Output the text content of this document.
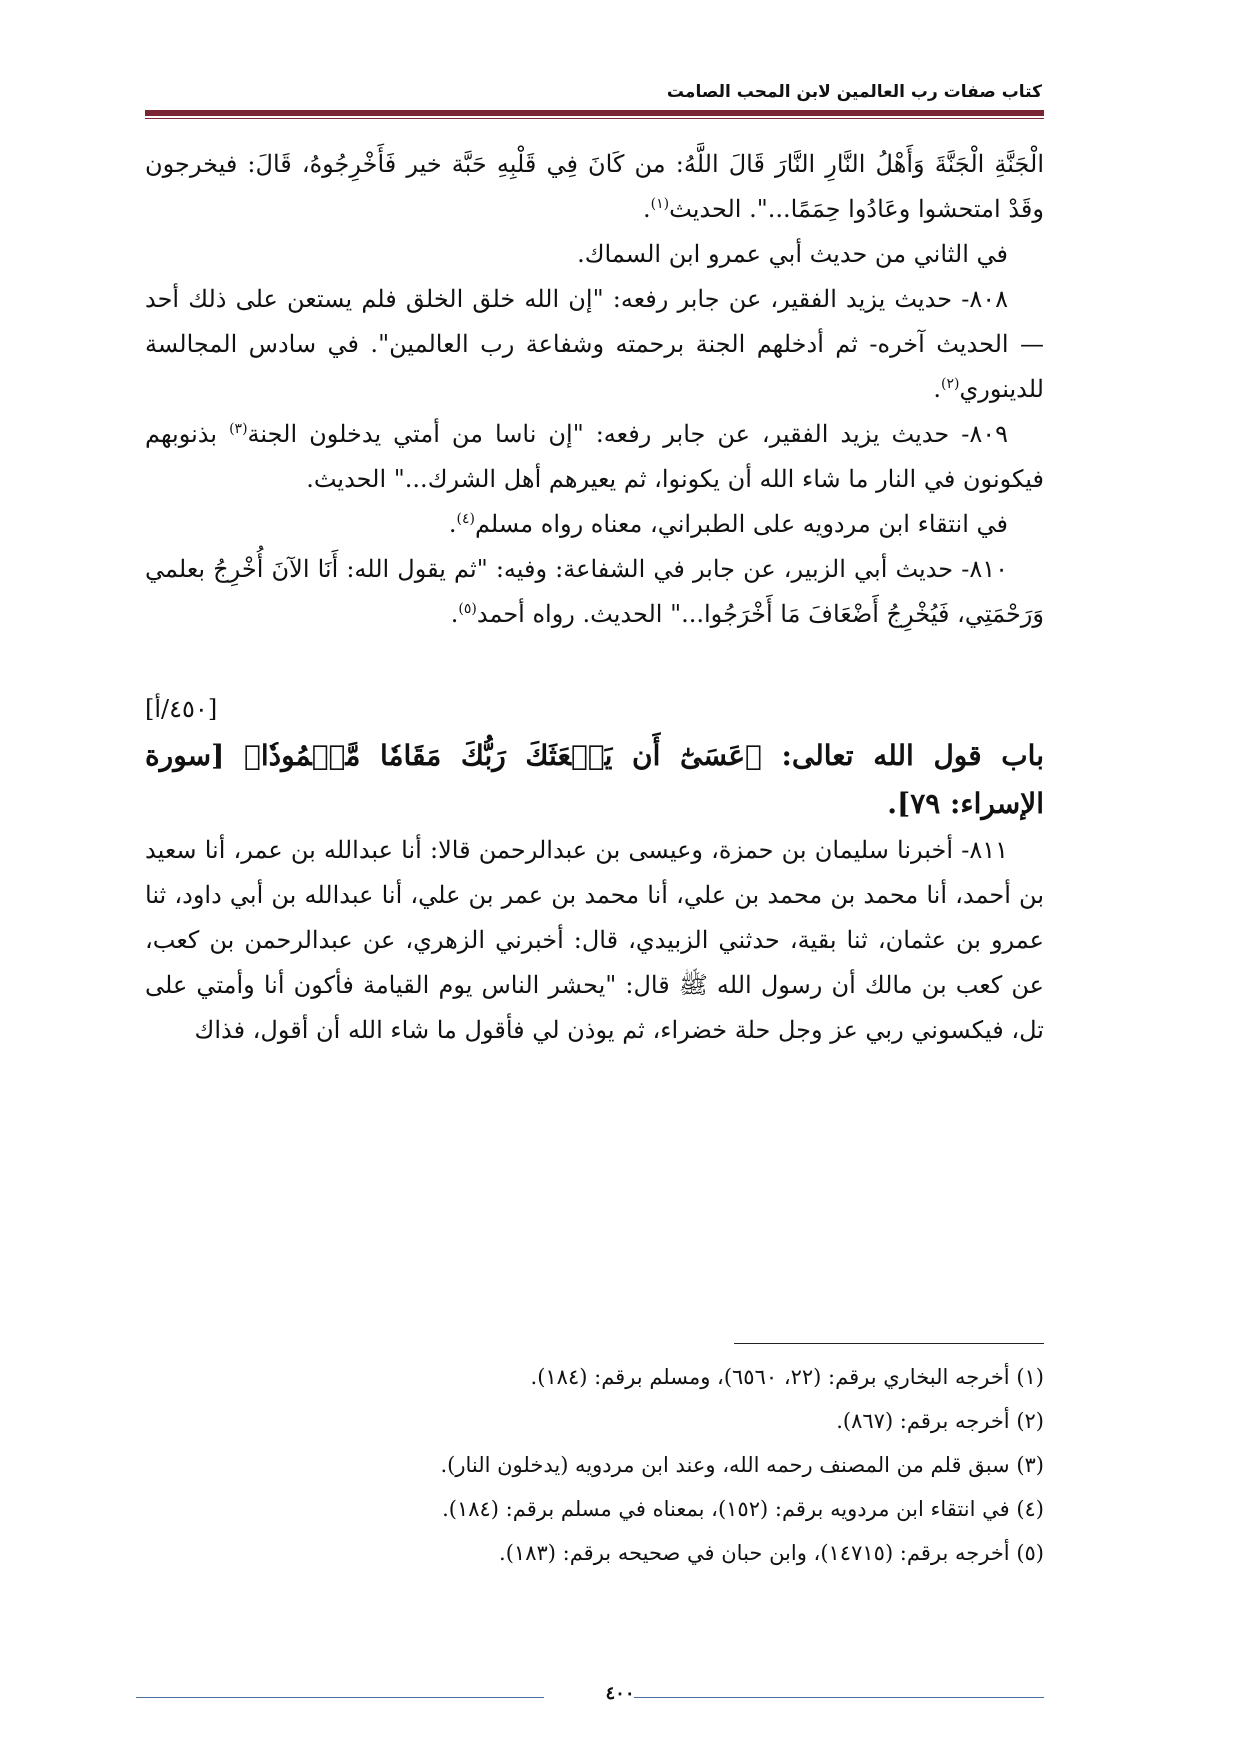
كتاب صفات رب العالمين لابن المحب الصامت

الْجَنَّةِ الْجَنَّةَ وَأَهْلُ النَّارِ النَّارَ قَالَ اللَّهُ: من كَانَ فِي قَلْبِهِ حَبَّة خير فَأَخْرِجُوهُ، قَالَ: فيخرجون وقَدْ امتحشوا وعَادُوا حِمَمًا...". الحديث$^{(١)}$.

في الثاني من حديث أبي عمرو ابن السماك.

٨٠٨- حديث يزيد الفقير، عن جابر رفعه: "إن الله خلق الخلق فلم يستعن على ذلك أحد — الحديث آخره- ثم أدخلهم الجنة برحمته وشفاعة رب العالمين". في سادس المجالسة للدينوري$^{(٢)}$.

٨٠٩- حديث يزيد الفقير، عن جابر رفعه: "إن ناسا من أمتي يدخلون الجنة$^{(٣)}$ بذنوبهم فيكونون في النار ما شاء الله أن يكونوا، ثم يعيرهم أهل الشرك..." الحديث.

في انتقاء ابن مردويه على الطبراني، معناه رواه مسلم$^{(٤)}$.

٨١٠- حديث أبي الزبير، عن جابر في الشفاعة: وفيه: "ثم يقول الله: أَنَا الآنَ أُخْرِجُ بعلمي وَرَحْمَتِي، فَيُخْرِجُ أَضْعَافَ مَا أَخْرَجُوا..." الحديث. رواه أحمد$^{(٥)}$.

[٤٥٠/أ]

باب قول الله تعالى: ﴿عَسَىٰٓ أَن يَبۡعَثَكَ رَبُّكَ مَقَامٗا مَّحۡمُودٗا﴾ [سورة الإسراء: ٧٩].

٨١١- أخبرنا سليمان بن حمزة، وعيسى بن عبدالرحمن قالا: أنا عبدالله بن عمر، أنا سعيد بن أحمد، أنا محمد بن محمد بن علي، أنا محمد بن عمر بن علي، أنا عبدالله بن أبي داود، ثنا عمرو بن عثمان، ثنا بقية، حدثني الزبيدي، قال: أخبرني الزهري، عن عبدالرحمن بن كعب، عن كعب بن مالك أن رسول الله ﷺ قال: "يحشر الناس يوم القيامة فأكون أنا وأمتي على تل، فيكسوني ربي عز وجل حلة خضراء، ثم يوذن لي فأقول ما شاء الله أن أقول، فذاك

(١) أخرجه البخاري برقم: (٢٢، ٦٥٦٠)، ومسلم برقم: (١٨٤).

(٢) أخرجه برقم: (٨٦٧).

(٣) سبق قلم من المصنف رحمه الله، وعند ابن مردويه (يدخلون النار).

(٤) في انتقاء ابن مردويه برقم: (١٥٢)، بمعناه في مسلم برقم: (١٨٤).

(٥) أخرجه برقم: (١٤٧١٥)، وابن حبان في صحيحه برقم: (١٨٣).

٤٠٠
